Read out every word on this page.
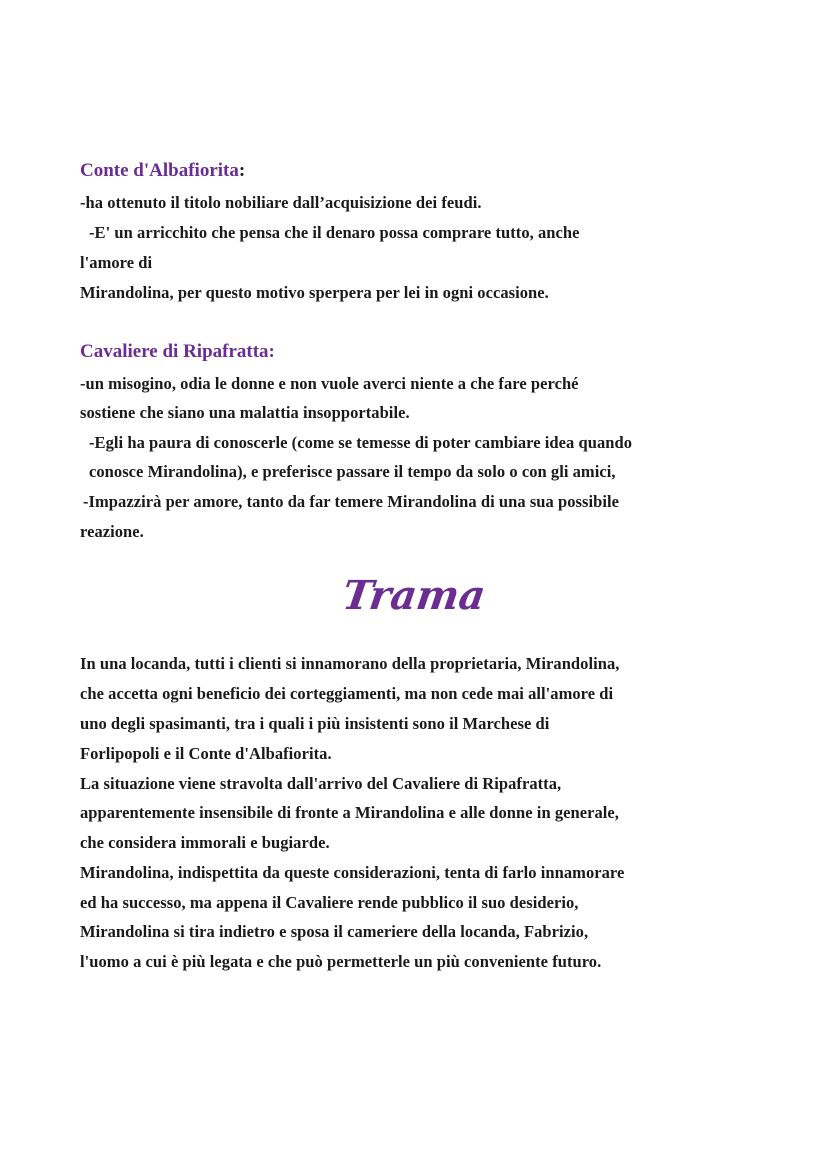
Conte d'Albafiorita:

-ha ottenuto il titolo nobiliare dall’acquisizione dei feudi.

-E' un arricchito che pensa che il denaro possa comprare tutto, anche

l'amore di

Mirandolina, per questo motivo sperpera per lei in ogni occasione.

Cavaliere di Ripafratta:

-un misogino, odia le donne e non vuole averci niente a che fare perché

sostiene che siano una malattia insopportabile.

-Egli ha paura di conoscerle (come se temesse di poter cambiare idea quando

conosce Mirandolina), e preferisce passare il tempo da solo o con gli amici,

-Impazzirà per amore, tanto da far temere Mirandolina di una sua possibile

reazione.

Trama

In una locanda, tutti i clienti si innamorano della proprietaria, Mirandolina,

che accetta ogni beneficio dei corteggiamenti, ma non cede mai all'amore di

uno degli spasimanti, tra i quali i più insistenti sono il Marchese di

Forlipopoli e il Conte d'Albafiorita.

La situazione viene stravolta dall'arrivo del Cavaliere di Ripafratta,

apparentemente insensibile di fronte a Mirandolina e alle donne in generale,

che considera immorali e bugiarde.

Mirandolina, indispettita da queste considerazioni, tenta di farlo innamorare

ed ha successo, ma appena il Cavaliere rende pubblico il suo desiderio,

Mirandolina si tira indietro e sposa il cameriere della locanda, Fabrizio,

l'uomo a cui è più legata e che può permetterle un più conveniente futuro.
